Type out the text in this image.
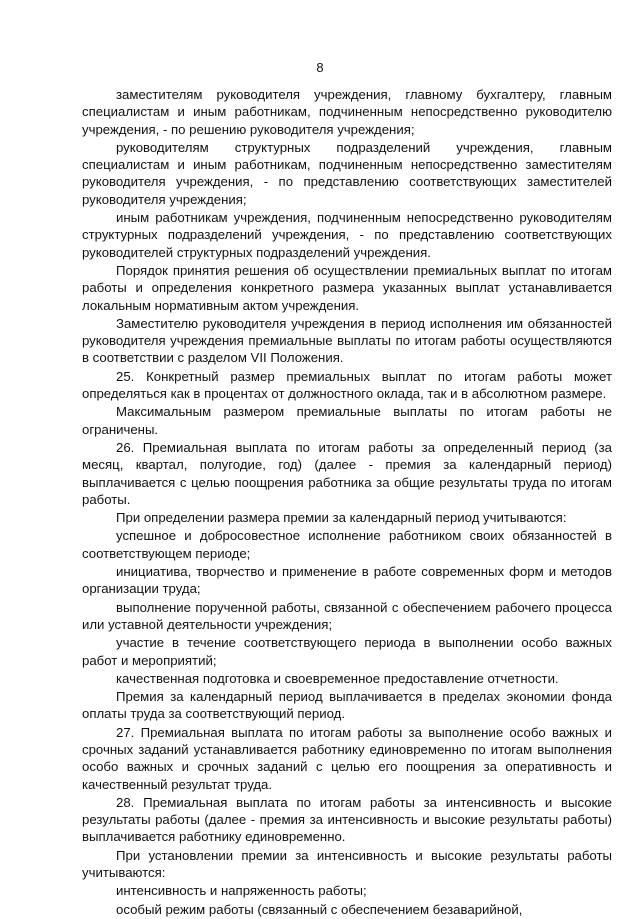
8

заместителям руководителя учреждения, главному бухгалтеру, главным специалистам и иным работникам, подчиненным непосредственно руководителю учреждения, - по решению руководителя учреждения;

руководителям структурных подразделений учреждения, главным специалистам и иным работникам, подчиненным непосредственно заместителям руководителя учреждения, - по представлению соответствующих заместителей руководителя учреждения;

иным работникам учреждения, подчиненным непосредственно руководителям структурных подразделений учреждения, - по представлению соответствующих руководителей структурных подразделений учреждения.

Порядок принятия решения об осуществлении премиальных выплат по итогам работы и определения конкретного размера указанных выплат устанавливается локальным нормативным актом учреждения.

Заместителю руководителя учреждения в период исполнения им обязанностей руководителя учреждения премиальные выплаты по итогам работы осуществляются в соответствии с разделом VII Положения.

25. Конкретный размер премиальных выплат по итогам работы может определяться как в процентах от должностного оклада, так и в абсолютном размере.

Максимальным размером премиальные выплаты по итогам работы не ограничены.

26. Премиальная выплата по итогам работы за определенный период (за месяц, квартал, полугодие, год) (далее - премия за календарный период) выплачивается с целью поощрения работника за общие результаты труда по итогам работы.

При определении размера премии за календарный период учитываются:

успешное и добросовестное исполнение работником своих обязанностей в соответствующем периоде;

инициатива, творчество и применение в работе современных форм и методов организации труда;

выполнение порученной работы, связанной с обеспечением рабочего процесса или уставной деятельности учреждения;

участие в течение соответствующего периода в выполнении особо важных работ и мероприятий;

качественная подготовка и своевременное предоставление отчетности.

Премия за календарный период выплачивается в пределах экономии фонда оплаты труда за соответствующий период.

27. Премиальная выплата по итогам работы за выполнение особо важных и срочных заданий устанавливается работнику единовременно по итогам выполнения особо важных и срочных заданий с целью его поощрения за оперативность и качественный результат труда.

28. Премиальная выплата по итогам работы за интенсивность и высокие результаты работы (далее - премия за интенсивность и высокие результаты работы) выплачивается работнику единовременно.

При установлении премии за интенсивность и высокие результаты работы учитываются:

интенсивность и напряженность работы;

особый режим работы (связанный с обеспечением безаварийной,
